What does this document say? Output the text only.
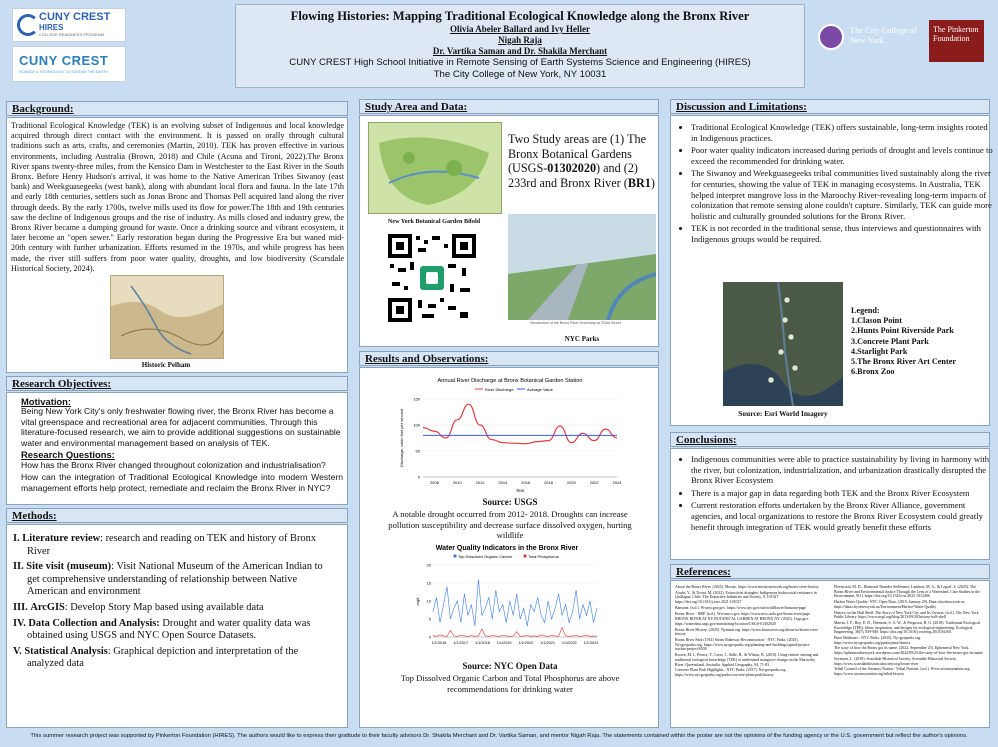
CUNY CREST
HIRES
COLLEGE READINESS PROGRAM
CUNY CREST
SCIENCE & TECHNOLOGY TO SUSTAIN THE EARTH
Flowing Histories: Mapping Traditional Ecological Knowledge along the Bronx River
Olivia Abeler Ballard and Ivy Heller
Nigah Raja
Dr. Vartika Saman and Dr. Shakila Merchant
CUNY CREST High School Initiative in Remote Sensing of Earth Systems Science and Engineering (HIRES)
The City College of New York, NY 10031
The City College of New York
The Pinkerton Foundation
Background:
Traditional Ecological Knowledge (TEK) is an evolving subset of Indigenous and local knowledge acquired through direct contact with the environment. It is passed on orally through cultural traditions such as arts, crafts, and ceremonies (Martin, 2010). TEK has proven effective in various environments, including Australia (Brown, 2018) and Chile (Acuna and Tironi, 2022).The Bronx River spans twenty-three miles, from the Kensico Dam in Westchester to the East River in the South Bronx. Before Henry Hudson's arrival, it was home to the Native American Tribes Siwanoy (east bank) and Weekguasegeeks (west bank), along with abundant local flora and fauna. In the late 17th and early 18th centuries, settlers such as Jonas Bronc and Thomas Pell acquired land along the river through deeds. By the early 1700s, twelve mills used its flow for power.The 18th and 19th centuries saw the decline of Indigenous groups and the rise of industry. As mills closed and industry grew, the Bronx River became a dumping ground for waste. Once a drinking source and vibrant ecosystem, it later become an "open sewer." Early restoration began during the Progressive Era but waned mid-20th century with further urbanization. Efforts resumed in the 1970s, and while progress has been made, the river still suffers from poor water quality, droughts, and low biodiversity (Scarsdale Historical Society, 2024).
Historic Pelham
Research Objectives:
Motivation:
Being New York City's only freshwater flowing river, the Bronx River has become a vital greenspace and recreational area for adjacent communities. Through this literature-focused research, we aim to provide additional suggestions on sustainable water and environmental management based on analysis of TEK.
Research Questions:
How has the Bronx River changed throughout colonization and industrialisation?
How can the integration of Traditional Ecological Knowledge into modern Western management efforts help protect, remediate and reclaim the Bronx River in NYC?
Methods:
I. Literature review: research and reading on TEK and history of Bronx River
II. Site visit (museum): Visit National Museum of the American Indian to get comprehensive understanding of relationship between Native American and environment
III. ArcGIS: Develop Story Map based using available data
IV. Data Collection and Analysis: Drought and water quality data was obtained using USGS and NYC Open Source Datasets.
V. Statistical Analysis: Graphical depiction and interpretation of the analyzed data
Study Area and Data:
New York Botanical Garden Bifold
Two Study areas are (1) The Bronx Botanical Gardens (USGS-01302020) and (2) 233rd and Bronx River (BR1)
Introduction of the Bronx River Greenway at 233rd Street
NYC Parks
Results and Observations:
Annual River Discharge at Bronx Botanical Garden Station
River Discharge	Average Value
0
50
100
150
2008	2010	2012	2014	2016	2018	2020	2022	2024
Year
Discharge, cubic feet per second
Source: USGS
A notable drought occurred from 2012- 2018. Droughts can increase pollution susceptibility and decrease surface dissolved oxygen, hurting wildlife
Water Quality Indicators in the Bronx River
Top Dissolved Organic Carbon	Total Phosphorus
0
5
10
15
20
mg/L
1/1/2016 1/1/2017 1/1/2018 1/1/2019 1/1/2020 1/1/2021 1/1/2022 1/1/2023
Source: NYC Open Data
Top Dissolved Organic Carbon and Total Phosphorus are above recommendations for drinking water
Discussion and Limitations:
• Traditional Ecological Knowledge (TEK) offers sustainable, long-term insights rooted in Indigenous practices.
• Poor water quality indicators increased during periods of drought and levels continue to exceed the recommended for drinking water.
• The Siwanoy and Weekguasegeeks tribal communities lived sustainably along the river for centuries, showing the value of TEK in managing ecosystems. In Australia, TEK helped interpret mangrove loss in the Maroochy River-revealing long-term impacts of colonization that remote sensing alone couldn't capture. Similarly, TEK can guide more holistic and culturally grounded solutions for the Bronx River.
• TEK is not recorded in the traditional sense, thus interviews and questionnaires with Indigenous groups would be required.
Legend:
1.Clason Point
2.Hunts Point Riverside Park
3.Concrete Plant Park
4.Starlight Park
5.The Bronx River Art Center
6.Bronx Zoo
Source: Esri World Imagery
Conclusions:
• Indigenous communities were able to practice sustainability by living in harmony with the river, but colonization, industrialization, and urbanization drastically disrupted the Bronx River Ecosystem
• There is a major gap in data regarding both TEK and the Bronx River Ecosystem
• Current restoration efforts undertaken by the Bronx River Alliance, government agencies, and local organizations to restore the Bronx River Ecosystem could greatly benefit through integration of TEK would greatly benefit these efforts
References:
About the Bronx River. (2025). Mosaic. https://www.mosaicnetwork.org/bronx-river-history
Acuña, V., & Tironi, M. (2022). Extractivist droughts: Indigenous hydrosocial resistance in Quillagua, Chile. The Extractive Industries and Society, 9, 101027. https://doi.org/10.1016/j.exis.2021.101027
Bansone. (n.d.). Wwnycgov.gov. https://www.nyc.gov/site/wildflower/bansone/page
Bronx River - NRP. (n.d.). Wwwnrcs.gov. https://www.nrcs.usda.gov/bronx-river/page
BRONX RIVER AT NY BOTANICAL GARDEN AT BRONX NY. (2025). Usgs.gov. https://waterdata.usgs.gov/monitoring-location/USGS-01302020
Bronx River History. (2025). Nyrnmn.org. https://www.bronxriver.org/about-us/bronx-river-history
Bronx River Park (1914) Storm Bakeway Reconstruction - NYC Parks. (2025). Nycgovparks.org. https://www.nycgovparks.org/planning-and-building/capital-project-tracker/project/6538
Brown, M. I., Pearce, T., Leon, J., Sidle, R., & Wilson, R. (2018). Using remote sensing and traditional ecological knowledge (TEK) to understand mangrove change on the Maroochy River, Queensland, Australia. Applied Geography, 94, 71-83.
Concrete Plant Park Highlights : NYC Parks. (2017). Nycgovparks.org. https://www.nycgovparks.org/parks/concrete-plant-park/history
Fleetwood, M. D., Diamond Thunder Stelfeimer, Lambert, M. A., & Legoff, S. (2025). The Bronx River and Environmental Justice Through the Lens of a Watershed. Case Studies in the Environment, 9(1). https://doi.org/10.1525/cse.2025.1812406
Harbor Water Quality: NYC Open Data. (2019, January 29). Data.cityofnewyork.us. https://data.cityofnewyork.us/Environment/Harbor-Water-Quality
History on the Half Shell: The Story of New York City and Its Oysters. (n.d.). The New York Public Library. https://www.nypl.org/blog/2013/09/20/history-half-shell
Martin, J. F., Roy, E. D., Diemont, S. A. W., & Ferguson, B. G. (2010). Traditional Ecological Knowledge (TEK): Ideas, inspiration, and designs for ecological engineering. Ecological Engineering, 36(7), 839-849. https://doi.org/10.1016/j.ecoleng.2010.04.001
Pinot Relations - NYC Parks. (2025). Nycgovparks.org. https://www.nycgovparks.org/parks/pinot/history
The story of how the Bronx got its name. (2022, September 25). Ephemeral New York. https://ephemeralnewyork.wordpress.com/2022/09/25/the-story-of-how-the-bronx-got-its-name
Seymour, L. (2018). Scarsdale Historical Society. Scarsdale Historical Society. https://www.scarsdalehistoricalsociety.org/bronx-river
Tribal Council of the Siwanoy Nation - Tribal Nations. (n.d.). Www.siwanoynation.org. https://www.siwanoynation.org/tribal-history
This summer research project was supported by Pinkerton Foundation (HIRES). The authors would like to express their gratitude to their faculty advisors Dr. Shakila Merchant and Dr. Vartika Saman, and mentor Nigah Raja. The statements contained within the poster are not the opinions of the funding agency or the U.S. government but reflect the author's opinions.
